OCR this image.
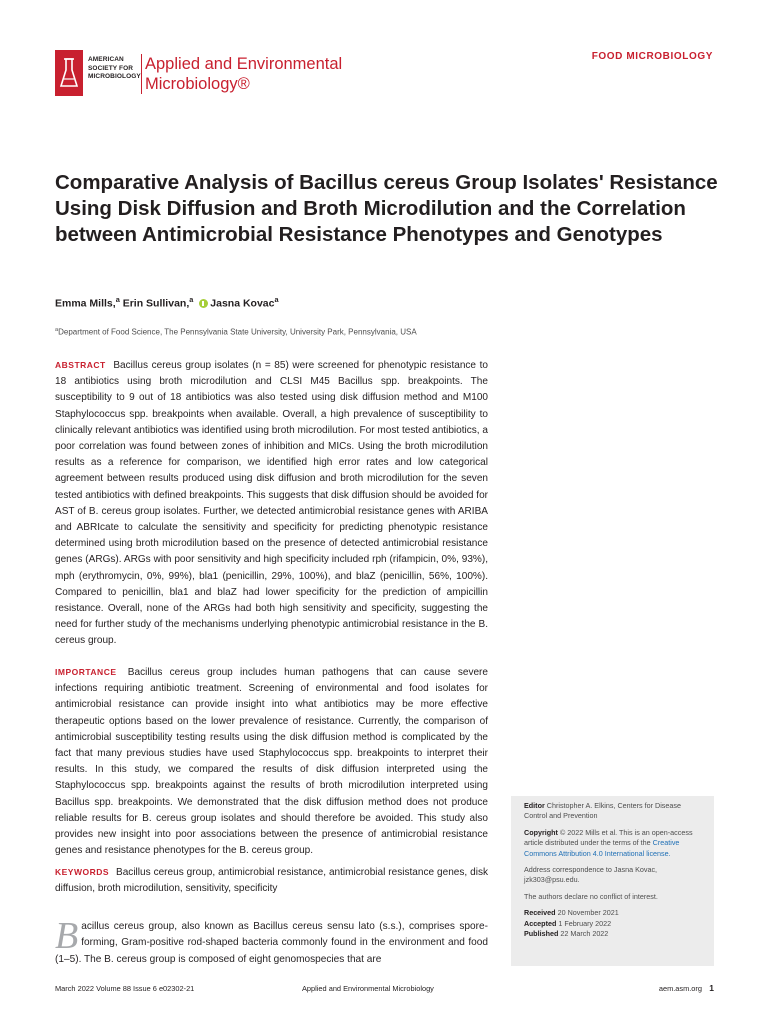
AMERICAN
SOCIETY FOR
MICROBIOLOGY
Applied and Environmental
Microbiology®
FOOD MICROBIOLOGY
Comparative Analysis of Bacillus cereus Group Isolates' Resistance Using Disk Diffusion and Broth Microdilution and the Correlation between Antimicrobial Resistance Phenotypes and Genotypes
Emma Mills,$^a$ Erin Sullivan,$^a$ Jasna Kovac$^a$
$^a$Department of Food Science, The Pennsylvania State University, University Park, Pennsylvania, USA
ABSTRACT Bacillus cereus group isolates (n = 85) were screened for phenotypic resistance to 18 antibiotics using broth microdilution and CLSI M45 Bacillus spp. breakpoints. The susceptibility to 9 out of 18 antibiotics was also tested using disk diffusion method and M100 Staphylococcus spp. breakpoints when available. Overall, a high prevalence of susceptibility to clinically relevant antibiotics was identified using broth microdilution. For most tested antibiotics, a poor correlation was found between zones of inhibition and MICs. Using the broth microdilution results as a reference for comparison, we identified high error rates and low categorical agreement between results produced using disk diffusion and broth microdilution for the seven tested antibiotics with defined breakpoints. This suggests that disk diffusion should be avoided for AST of B. cereus group isolates. Further, we detected antimicrobial resistance genes with ARIBA and ABRIcate to calculate the sensitivity and specificity for predicting phenotypic resistance determined using broth microdilution based on the presence of detected antimicrobial resistance genes (ARGs). ARGs with poor sensitivity and high specificity included rph (rifampicin, 0%, 93%), mph (erythromycin, 0%, 99%), bla1 (penicillin, 29%, 100%), and blaZ (penicillin, 56%, 100%). Compared to penicillin, bla1 and blaZ had lower specificity for the prediction of ampicillin resistance. Overall, none of the ARGs had both high sensitivity and specificity, suggesting the need for further study of the mechanisms underlying phenotypic antimicrobial resistance in the B. cereus group.
IMPORTANCE Bacillus cereus group includes human pathogens that can cause severe infections requiring antibiotic treatment. Screening of environmental and food isolates for antimicrobial resistance can provide insight into what antibiotics may be more effective therapeutic options based on the lower prevalence of resistance. Currently, the comparison of antimicrobial susceptibility testing results using the disk diffusion method is complicated by the fact that many previous studies have used Staphylococcus spp. breakpoints to interpret their results. In this study, we compared the results of disk diffusion interpreted using the Staphylococcus spp. breakpoints against the results of broth microdilution interpreted using Bacillus spp. breakpoints. We demonstrated that the disk diffusion method does not produce reliable results for B. cereus group isolates and should therefore be avoided. This study also provides new insight into poor associations between the presence of antimicrobial resistance genes and resistance phenotypes for the B. cereus group.
KEYWORDS Bacillus cereus group, antimicrobial resistance, antimicrobial resistance genes, disk diffusion, broth microdilution, sensitivity, specificity
B acillus cereus group, also known as Bacillus cereus sensu lato (s.s.), comprises spore-forming, Gram-positive rod-shaped bacteria commonly found in the environment and food (1–5). The B. cereus group is composed of eight genomospecies that are

Editor Christopher A. Elkins, Centers for Disease Control and Prevention

Copyright © 2022 Mills et al. This is an open-access article distributed under the terms of the Creative Commons Attribution 4.0 International license.

Address correspondence to Jasna Kovac, jzk303@psu.edu.

The authors declare no conflict of interest.

Received 20 November 2021
Accepted 1 February 2022
Published 22 March 2022
March 2022 Volume 88 Issue 6 e02302-21	Applied and Environmental Microbiology	aem.asm.org 1
